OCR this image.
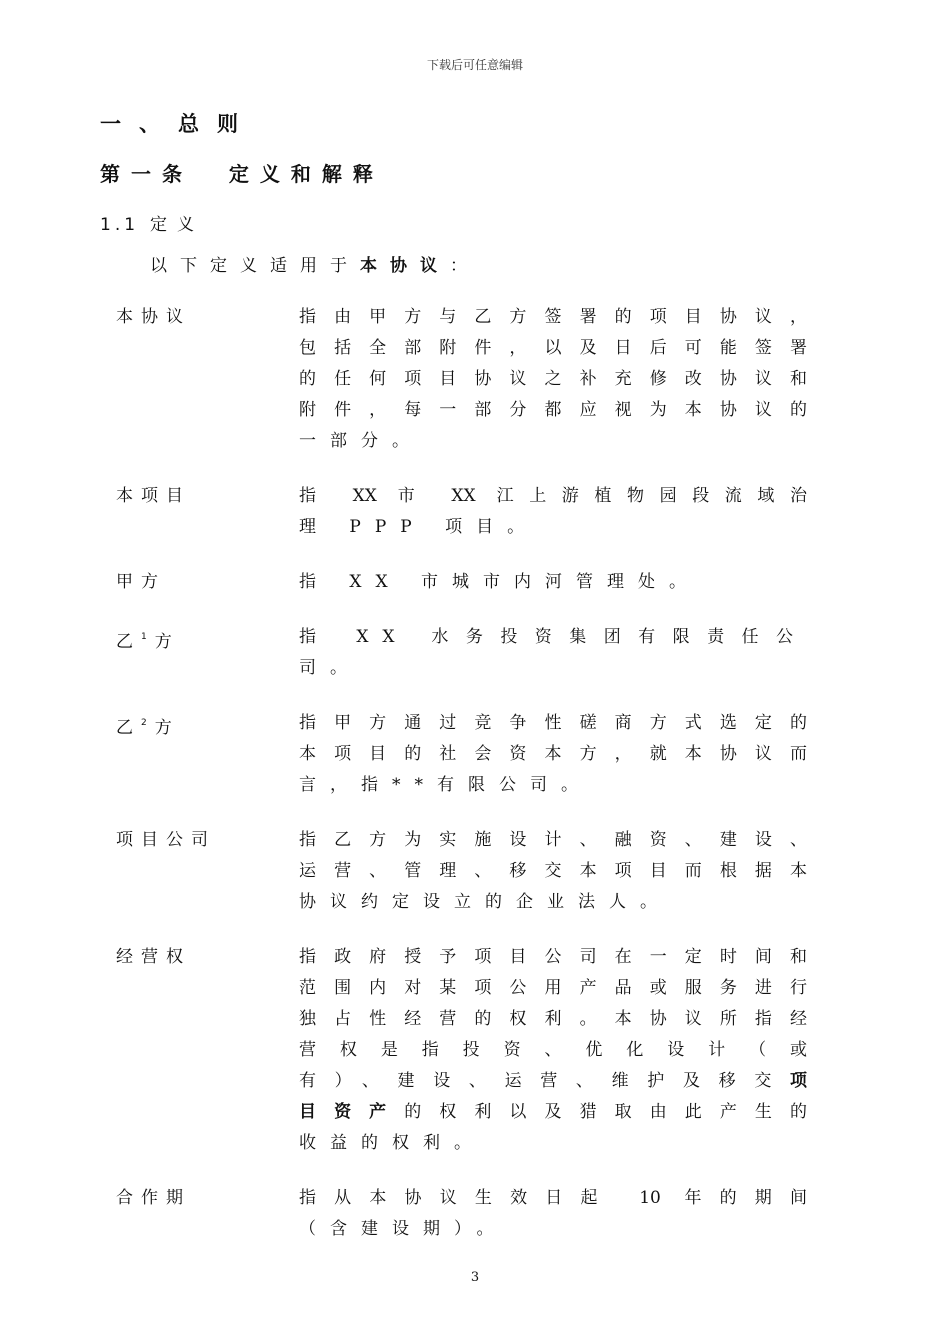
下载后可任意编辑
一、总则
第一条  定义和解释
1.1 定义
以下定义适用于本协议：
本协议	指由甲方与乙方签署的项目协议，
包括全部附件，以及日后可能签署
的任何项目协议之补充修改协议和
附件，每一部分都应视为本协议的
一部分。
本项目	指 XX 市 XX 江上游植物园段流域治
理 PPP 项目。
甲方	指 XX 市城市内河管理处。
乙$^1$ 方	指 XX 水务投资集团有限责任公司。
乙$^2$ 方	指甲方通过竞争性磋商方式选定的
本项目的社会资本方，就本协议而
言，指**有限公司。
项目公司	指乙方为实施设计、融资、建设、
运营、管理、移交本项目而根据本
协议约定设立的企业法人。
经营权	指政府授予项目公司在一定时间和
范围内对某项公用产品或服务进行
独占性经营的权利。本协议所指经
营权是指投资、优化设计（或
有）、建设、运营、维护及移交项
目资产的权利以及猎取由此产生的
收益的权利。
合作期	指从本协议生效日起 10 年的期间
（含建设期）。
3
